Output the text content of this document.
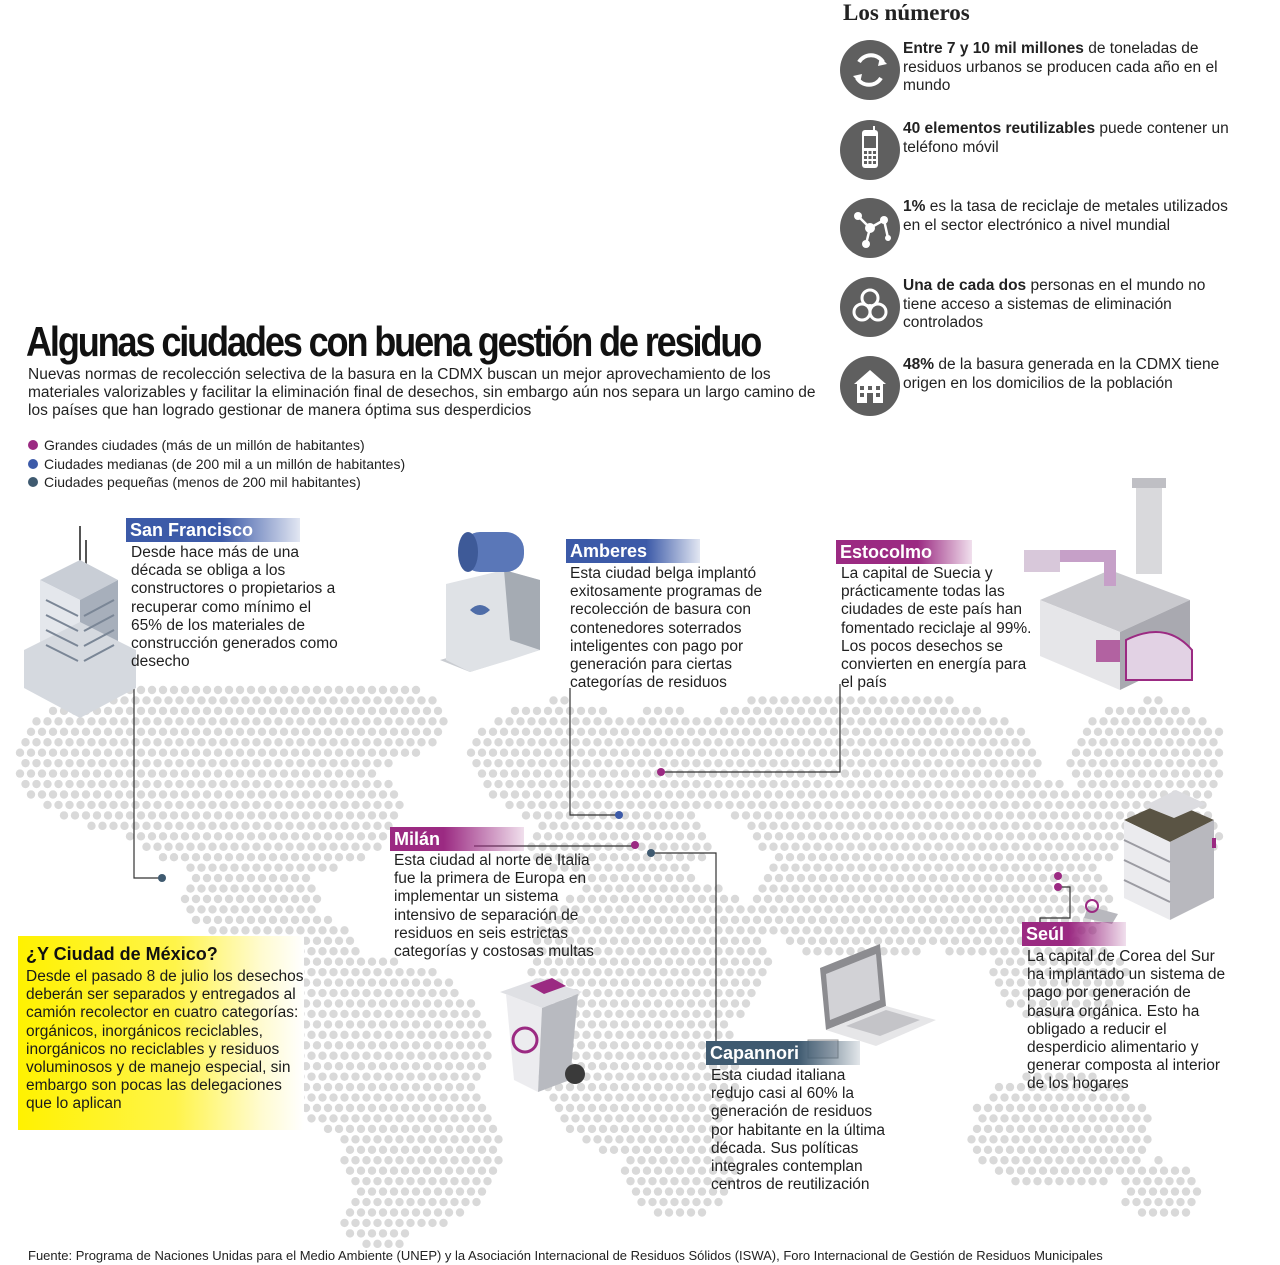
Los números
Entre 7 y 10 mil millones de toneladas de residuos urbanos se producen cada año en el mundo
40 elementos reutilizables puede contener un teléfono móvil
1% es la tasa de reciclaje de metales utilizados en el sector electrónico a nivel mundial
Una de cada dos personas en el mundo no tiene acceso a sistemas de eliminación controlados
48% de la basura generada en la CDMX tiene origen en los domicilios de la población
Algunas ciudades con buena gestión de residuo
Nuevas normas de recolección selectiva de la basura en la CDMX buscan un mejor aprovechamiento de los materiales valorizables y facilitar la eliminación final de desechos, sin embargo aún nos separa un largo camino de los países que han logrado gestionar de manera óptima sus desperdicios
Grandes ciudades (más de un millón de habitantes)
Ciudades medianas (de 200 mil a un millón de habitantes)
Ciudades pequeñas (menos de 200 mil habitantes)
San Francisco
Desde hace más de una década se obliga a los constructores o propietarios a recuperar como mínimo el 65% de los materiales de construcción generados como desecho
Amberes
Esta ciudad belga implantó exitosamente programas de recolección de basura con contenedores soterrados inteligentes con pago por generación para ciertas categorías de residuos
Estocolmo
La capital de Suecia y prácticamente todas las ciudades de este país han fomentado reciclaje al 99%. Los pocos desechos se convierten en energía para el país
Milán
Esta ciudad al norte de Italia fue la primera de Europa en implementar un sistema intensivo de separación de residuos en seis estrictas categorías y costosas multas
Capannori
Esta ciudad italiana redujo casi al 60% la generación de residuos por habitante en la última década. Sus políticas integrales contemplan centros de reutilización
Seúl
La capital de Corea del Sur ha implantado un sistema de pago por generación de basura orgánica. Esto ha obligado a reducir el desperdicio alimentario y generar composta al interior de los hogares
¿Y Ciudad de México?
Desde el pasado 8 de julio los desechos deberán ser separados y entregados al camión recolector en cuatro categorías: orgánicos, inorgánicos reciclables, inorgánicos no reciclables y residuos voluminosos y de manejo especial, sin embargo son pocas las delegaciones que lo aplican
Fuente: Programa de Naciones Unidas para el Medio Ambiente (UNEP) y la Asociación Internacional de Residuos Sólidos (ISWA), Foro Internacional de Gestión de Residuos Municipales
